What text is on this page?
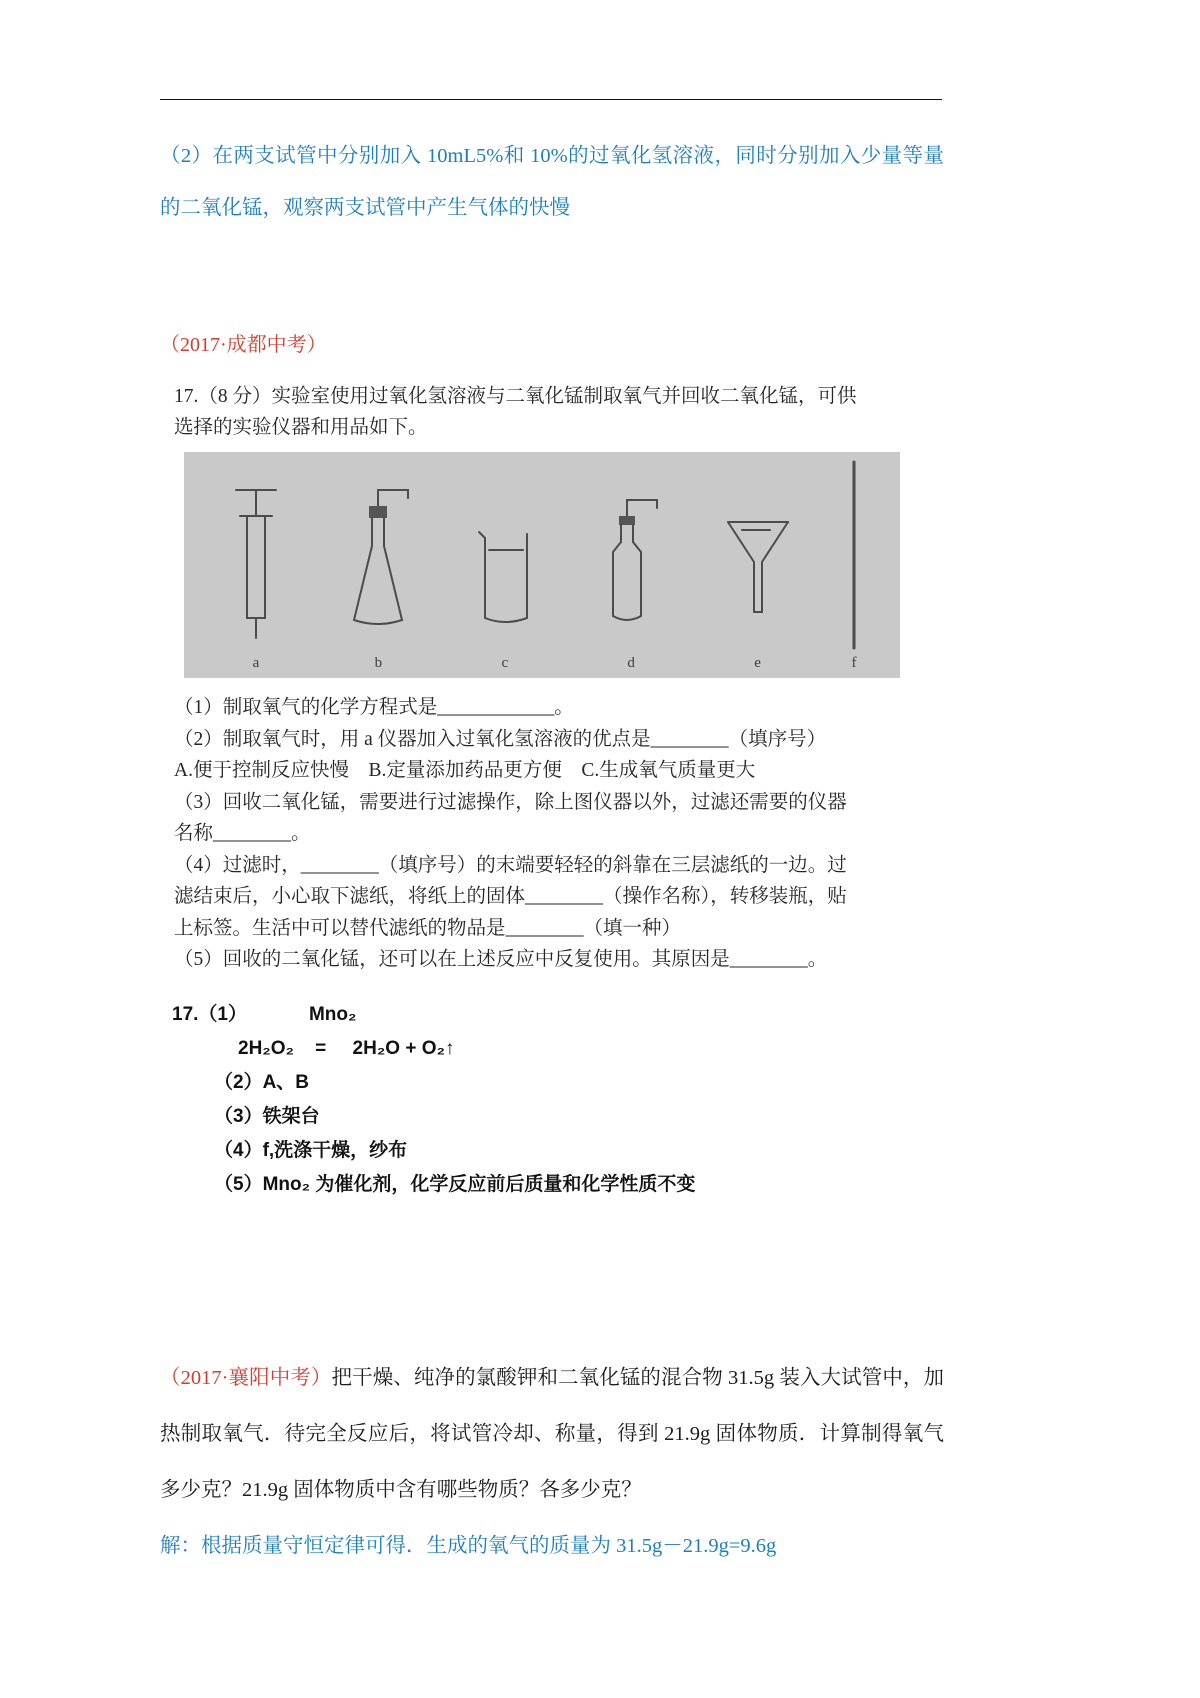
（2）在两支试管中分别加入 10mL5%和 10%的过氧化氢溶液，同时分别加入少量等量的二氧化锰，观察两支试管中产生气体的快慢

（2017·成都中考）

17.（8 分）实验室使用过氧化氢溶液与二氧化锰制取氧气并回收二氧化锰，可供

选择的实验仪器和用品如下。

a	b	c	d	e	f

（1）制取氧气的化学方程式是____________。

（2）制取氧气时，用 a 仪器加入过氧化氢溶液的优点是________（填序号）

A.便于控制反应快慢    B.定量添加药品更方便    C.生成氧气质量更大

（3）回收二氧化锰，需要进行过滤操作，除上图仪器以外，过滤还需要的仪器

名称________。

（4）过滤时，________（填序号）的末端要轻轻的斜靠在三层滤纸的一边。过

滤结束后，小心取下滤纸，将纸上的固体________（操作名称），转移装瓶，贴

上标签。生活中可以替代滤纸的物品是________（填一种）

（5）回收的二氧化锰，还可以在上述反应中反复使用。其原因是________。

17.（1）	Mno₂

2H₂O₂    =     2H₂O + O₂↑

（2）A、B

（3）铁架台

（4）f,洗涤干燥，纱布

（5）Mno₂ 为催化剂，化学反应前后质量和化学性质不变

（2017·襄阳中考）把干燥、纯净的氯酸钾和二氧化锰的混合物 31.5g 装入大试管中，加热制取氧气．待完全反应后，将试管冷却、称量，得到 21.9g 固体物质．计算制得氧气多少克？21.9g 固体物质中含有哪些物质？各多少克？

解：根据质量守恒定律可得．生成的氧气的质量为 31.5g－21.9g=9.6g
